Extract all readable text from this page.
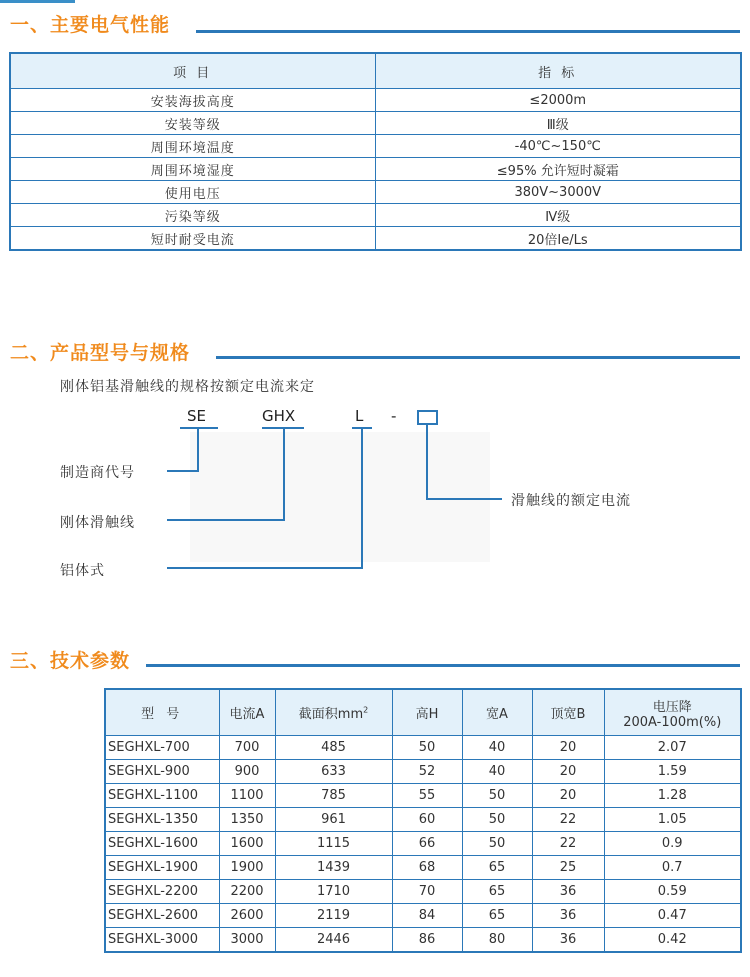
一、主要电气性能
项 目	指 标
安装海拔高度	≤2000m
安装等级	Ⅲ级
周围环境温度	-40℃~150℃
周围环境湿度	≤95% 允许短时凝霜
使用电压	380V~3000V
污染等级	Ⅳ级
短时耐受电流	20倍Ie/Ls
二、产品型号与规格
刚体铝基滑触线的规格按额定电流来定
SE	GHX	L -
制造商代号
刚体滑触线
铝体式
滑触线的额定电流
三、技术参数
型 号	电流A	截面积$mm^2$	高H	宽A	顶宽B	电压降
200A-100m(%)

SEGHXL-700	700	485	50	40	20	2.07
SEGHXL-900	900	633	52	40	20	1.59
SEGHXL-1100	1100	785	55	50	20	1.28
SEGHXL-1350	1350	961	60	50	22	1.05
SEGHXL-1600	1600	1115	66	50	22	0.9
SEGHXL-1900	1900	1439	68	65	25	0.7
SEGHXL-2200	2200	1710	70	65	36	0.59
SEGHXL-2600	2600	2119	84	65	36	0.47
SEGHXL-3000	3000	2446	86	80	36	0.42
